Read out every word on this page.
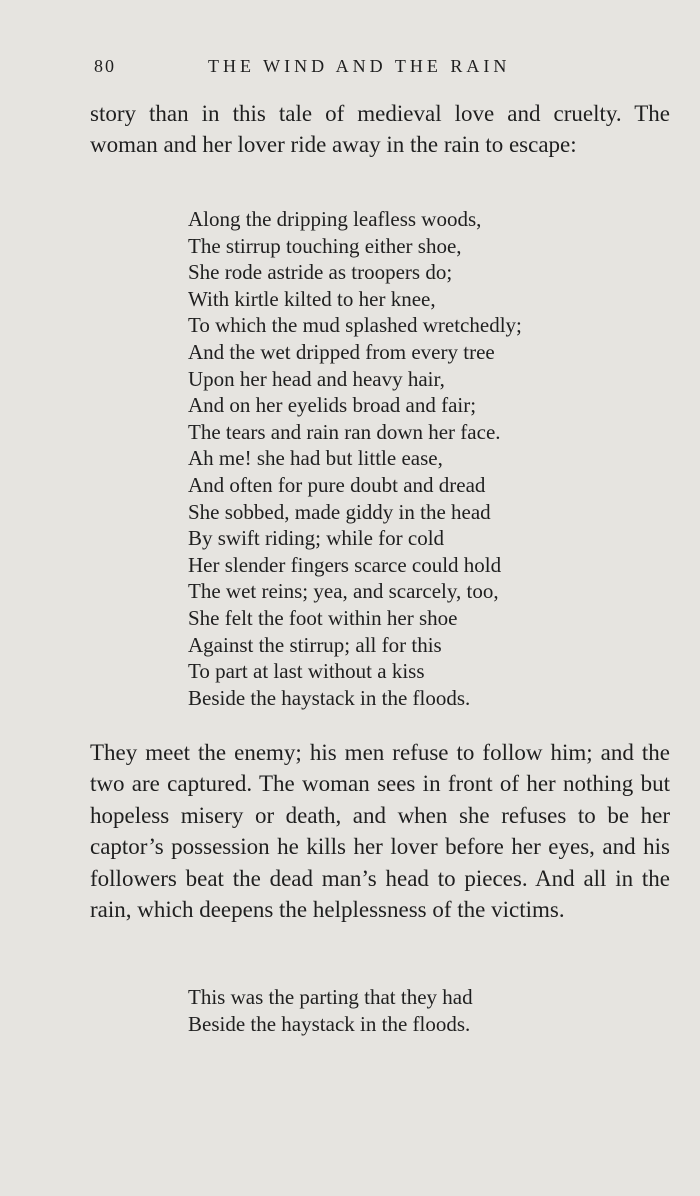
80	THE WIND AND THE RAIN

story than in this tale of medieval love and cruelty. The woman and her lover ride away in the rain to escape:

Along the dripping leafless woods,
The stirrup touching either shoe,
She rode astride as troopers do;
With kirtle kilted to her knee,
To which the mud splashed wretchedly;
And the wet dripped from every tree
Upon her head and heavy hair,
And on her eyelids broad and fair;
The tears and rain ran down her face.
Ah me! she had but little ease,
And often for pure doubt and dread
She sobbed, made giddy in the head
By swift riding; while for cold
Her slender fingers scarce could hold
The wet reins; yea, and scarcely, too,
She felt the foot within her shoe
Against the stirrup; all for this
To part at last without a kiss
Beside the haystack in the floods.

They meet the enemy; his men refuse to follow him; and the two are captured. The woman sees in front of her nothing but hopeless misery or death, and when she refuses to be her captor’s possession he kills her lover before her eyes, and his followers beat the dead man’s head to pieces. And all in the rain, which deepens the helplessness of the victims.

This was the parting that they had
Beside the haystack in the floods.
